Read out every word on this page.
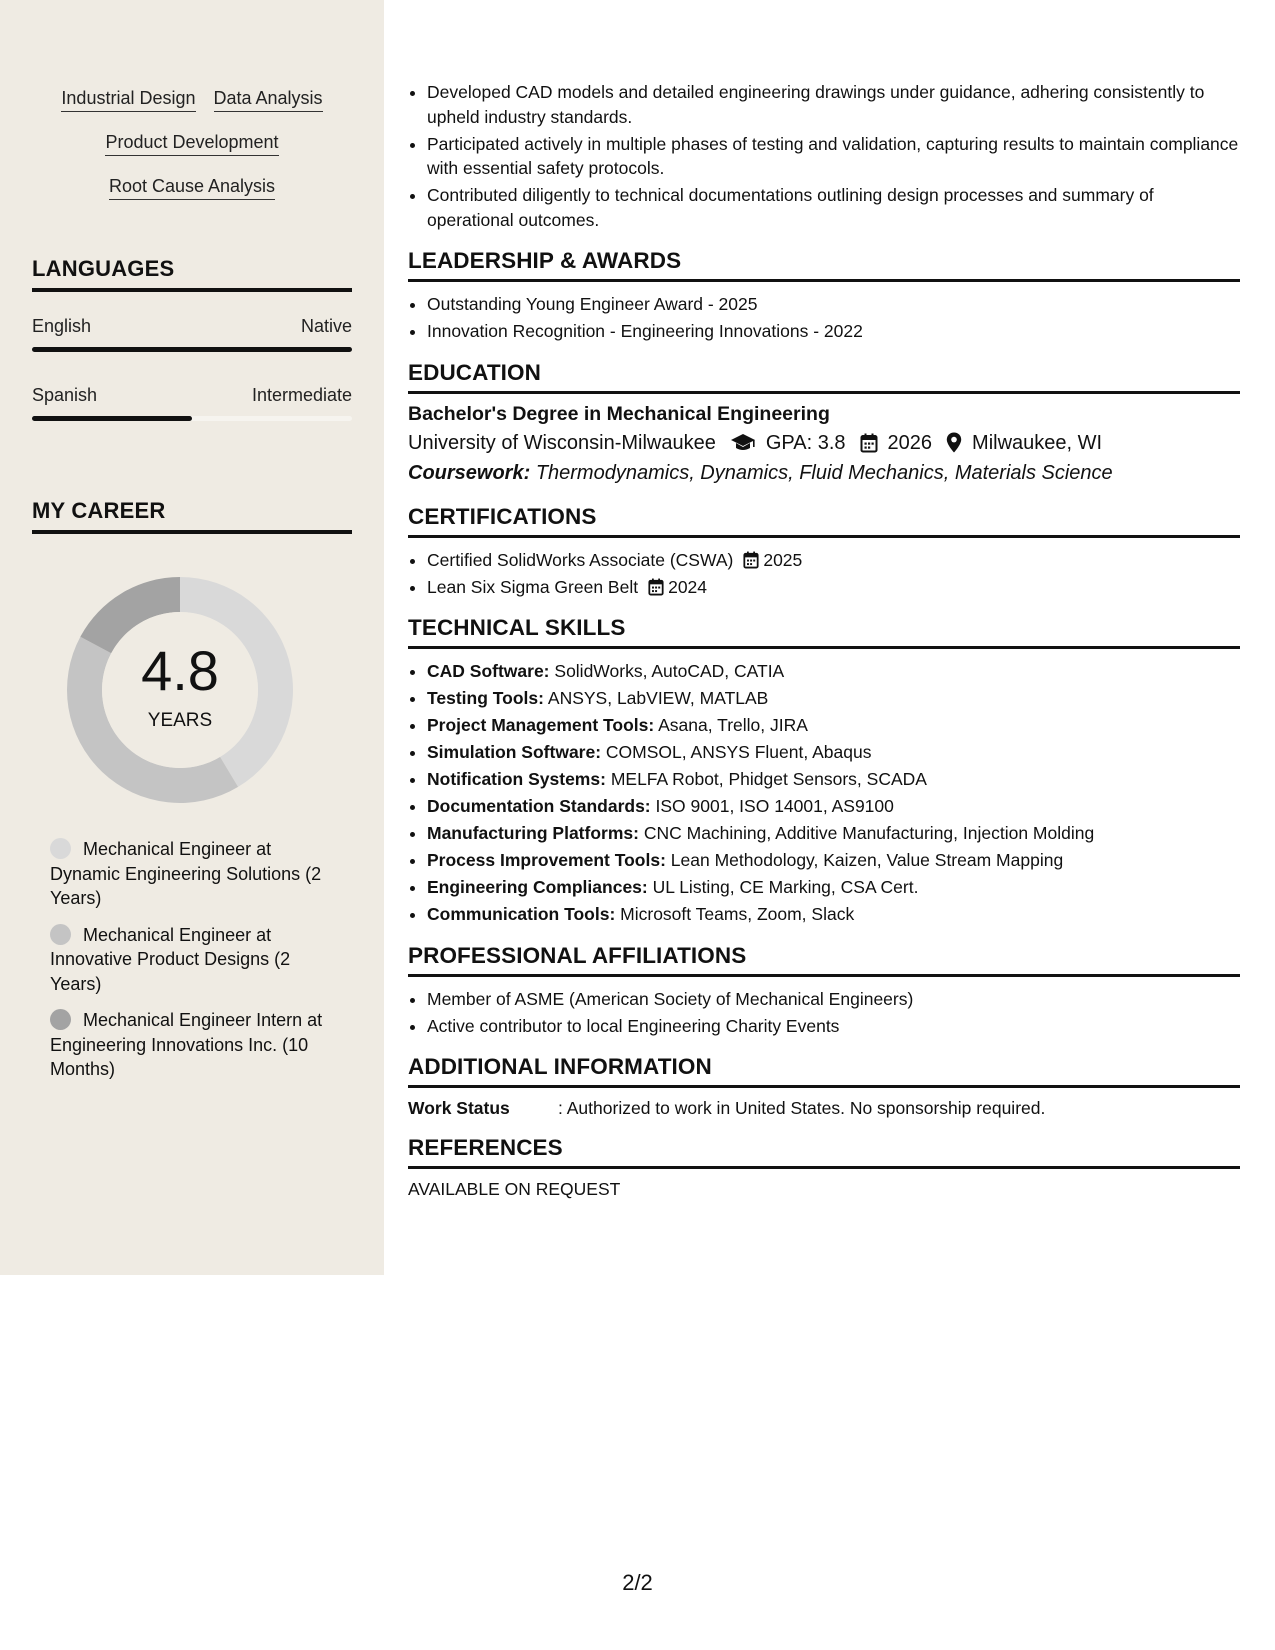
Industrial Design Data Analysis
Product Development
Root Cause Analysis
LANGUAGES
English	Native
Spanish	Intermediate
MY CAREER
4.8
YEARS
Mechanical Engineer at Dynamic Engineering Solutions (2 Years)
Mechanical Engineer at Innovative Product Designs (2 Years)
Mechanical Engineer Intern at Engineering Innovations Inc. (10 Months)
• Developed CAD models and detailed engineering drawings under guidance, adhering consistently to upheld industry standards.
• Participated actively in multiple phases of testing and validation, capturing results to maintain compliance with essential safety protocols.
• Contributed diligently to technical documentations outlining design processes and summary of operational outcomes.
LEADERSHIP & AWARDS
• Outstanding Young Engineer Award - 2025
• Innovation Recognition - Engineering Innovations - 2022
EDUCATION
Bachelor's Degree in Mechanical Engineering
University of Wisconsin-Milwaukee	GPA: 3.8 2026 Milwaukee, WI
Coursework: Thermodynamics, Dynamics, Fluid Mechanics, Materials Science
CERTIFICATIONS
• Certified SolidWorks Associate (CSWA) 2025
• Lean Six Sigma Green Belt 2024
TECHNICAL SKILLS
• CAD Software: SolidWorks, AutoCAD, CATIA
• Testing Tools: ANSYS, LabVIEW, MATLAB
• Project Management Tools: Asana, Trello, JIRA
• Simulation Software: COMSOL, ANSYS Fluent, Abaqus
• Notification Systems: MELFA Robot, Phidget Sensors, SCADA
• Documentation Standards: ISO 9001, ISO 14001, AS9100
• Manufacturing Platforms: CNC Machining, Additive Manufacturing, Injection Molding
• Process Improvement Tools: Lean Methodology, Kaizen, Value Stream Mapping
• Engineering Compliances: UL Listing, CE Marking, CSA Cert.
• Communication Tools: Microsoft Teams, Zoom, Slack
PROFESSIONAL AFFILIATIONS
• Member of ASME (American Society of Mechanical Engineers)
• Active contributor to local Engineering Charity Events
ADDITIONAL INFORMATION
Work Status	: Authorized to work in United States. No sponsorship required.
REFERENCES
AVAILABLE ON REQUEST
2/2
